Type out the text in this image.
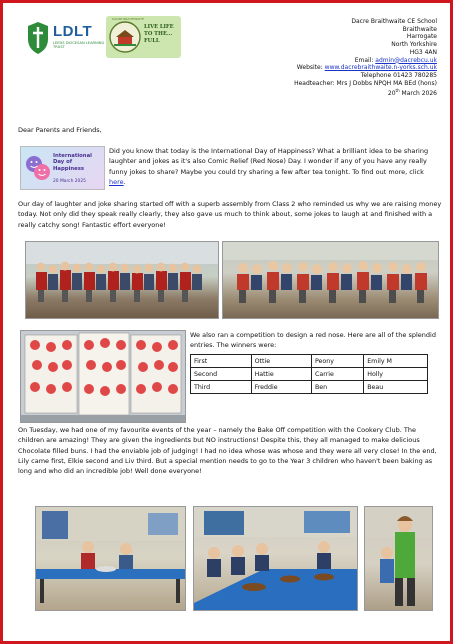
LDLT
LEEDS DIOCESAN LEARNING TRUST
DACRE BRAITHWAITE
LIVE LIFE TO THE... FULL
Dacre Braithwaite CE School
Braithwaite
Harrogate
North Yorkshire
HG3 4AN
Email: admin@dacrebcu.uk
Website: www.dacrebraithwaite.n-yorks.sch.uk
Telephone 01423 780285
Headteacher: Mrs J Dobbs NPQH MA BEd (hons)
20th March 2026
Dear Parents and Friends,
International Day of Happiness
20 March 2025
Did you know that today is the International Day of Happiness? What a brilliant idea to be sharing laughter and jokes as it's also Comic Relief (Red Nose) Day. I wonder if any of you have any really funny jokes to share? Maybe you could try sharing a few after tea tonight. To find out more, click here.
Our day of laughter and joke sharing started off with a superb assembly from Class 2 who reminded us why we are raising money today. Not only did they speak really clearly, they also gave us much to think about, some jokes to laugh at and finished with a really catchy song! Fantastic effort everyone!
We also ran a competition to design a red nose. Here are all of the splendid entries. The winners were:
First	Ottie	Peony	Emily M
Second	Hattie	Carrie	Holly
Third	Freddie	Ben	Beau
On Tuesday, we had one of my favourite events of the year – namely the Bake Off competition with the Cookery Club. The children are amazing! They are given the ingredients but NO instructions! Despite this, they all managed to make delicious Chocolate filled buns. I had the enviable job of judging! I had no idea whose was whose and they were all very close! In the end, Lily came first, Elkie second and Liv third. But a special mention needs to go to the Year 3 children who haven't been baking as long and who did an incredible job! Well done everyone!
